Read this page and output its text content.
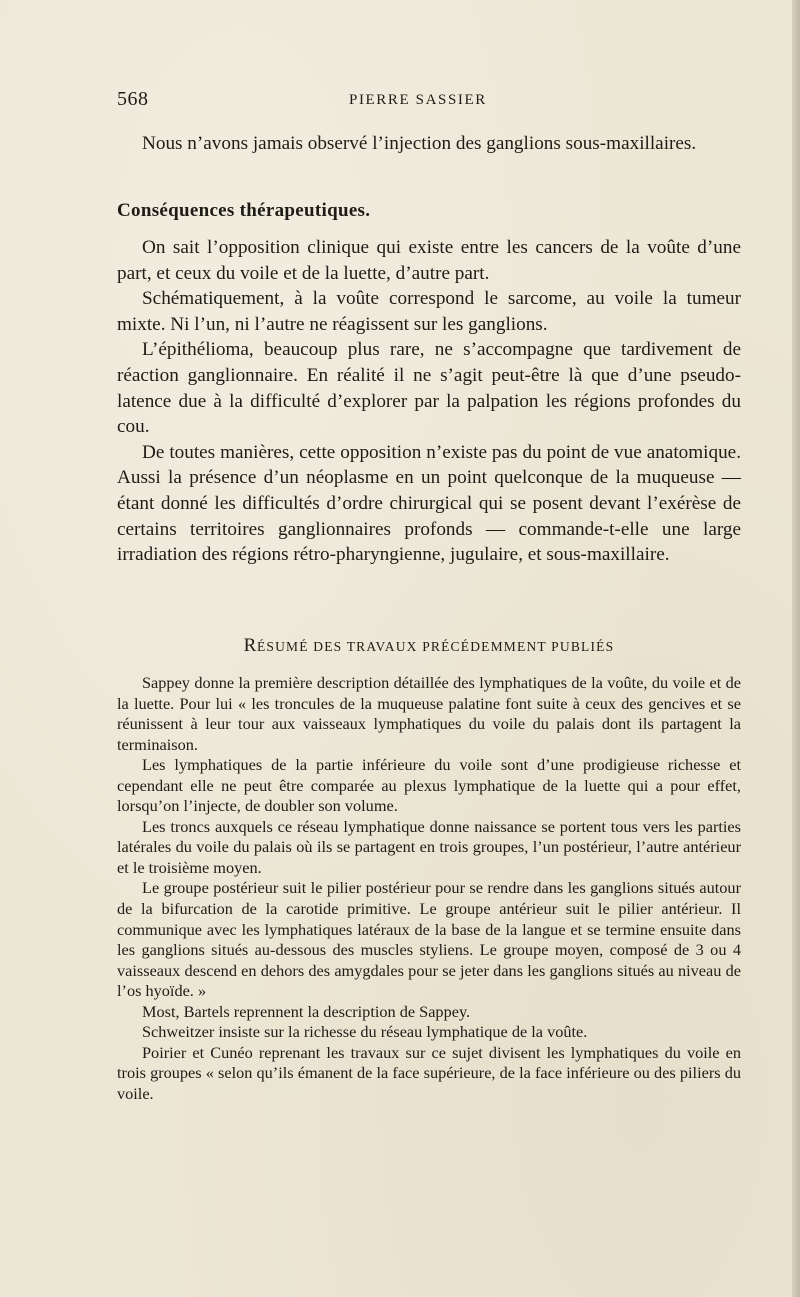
568	PIERRE SASSIER

Nous n’avons jamais observé l’injection des ganglions sous-maxillaires.

Conséquences thérapeutiques.

On sait l’opposition clinique qui existe entre les cancers de la voûte d’une part, et ceux du voile et de la luette, d’autre part.

Schématiquement, à la voûte correspond le sarcome, au voile la tumeur mixte. Ni l’un, ni l’autre ne réagissent sur les ganglions.

L’épithélioma, beaucoup plus rare, ne s’accompagne que tardivement de réaction ganglionnaire. En réalité il ne s’agit peut-être là que d’une pseudo-latence due à la difficulté d’explorer par la palpation les régions profondes du cou.

De toutes manières, cette opposition n’existe pas du point de vue anatomique. Aussi la présence d’un néoplasme en un point quelconque de la muqueuse — étant donné les difficultés d’ordre chirurgical qui se posent devant l’exérèse de certains territoires ganglionnaires profonds — commande-t-elle une large irradiation des régions rétro-pharyngienne, jugulaire, et sous-maxillaire.

RÉSUMÉ DES TRAVAUX PRÉCÉDEMMENT PUBLIÉS

Sappey donne la première description détaillée des lymphatiques de la voûte, du voile et de la luette. Pour lui « les troncules de la muqueuse palatine font suite à ceux des gencives et se réunissent à leur tour aux vaisseaux lymphatiques du voile du palais dont ils partagent la terminaison.

Les lymphatiques de la partie inférieure du voile sont d’une prodigieuse richesse et cependant elle ne peut être comparée au plexus lymphatique de la luette qui a pour effet, lorsqu’on l’injecte, de doubler son volume.

Les troncs auxquels ce réseau lymphatique donne naissance se portent tous vers les parties latérales du voile du palais où ils se partagent en trois groupes, l’un postérieur, l’autre antérieur et le troisième moyen.

Le groupe postérieur suit le pilier postérieur pour se rendre dans les ganglions situés autour de la bifurcation de la carotide primitive. Le groupe antérieur suit le pilier antérieur. Il communique avec les lymphatiques latéraux de la base de la langue et se termine ensuite dans les ganglions situés au-dessous des muscles styliens. Le groupe moyen, composé de 3 ou 4 vaisseaux descend en dehors des amygdales pour se jeter dans les ganglions situés au niveau de l’os hyoïde. »

Most, Bartels reprennent la description de Sappey.

Schweitzer insiste sur la richesse du réseau lymphatique de la voûte.

Poirier et Cunéo reprenant les travaux sur ce sujet divisent les lymphatiques du voile en trois groupes « selon qu’ils émanent de la face supérieure, de la face inférieure ou des piliers du voile.
